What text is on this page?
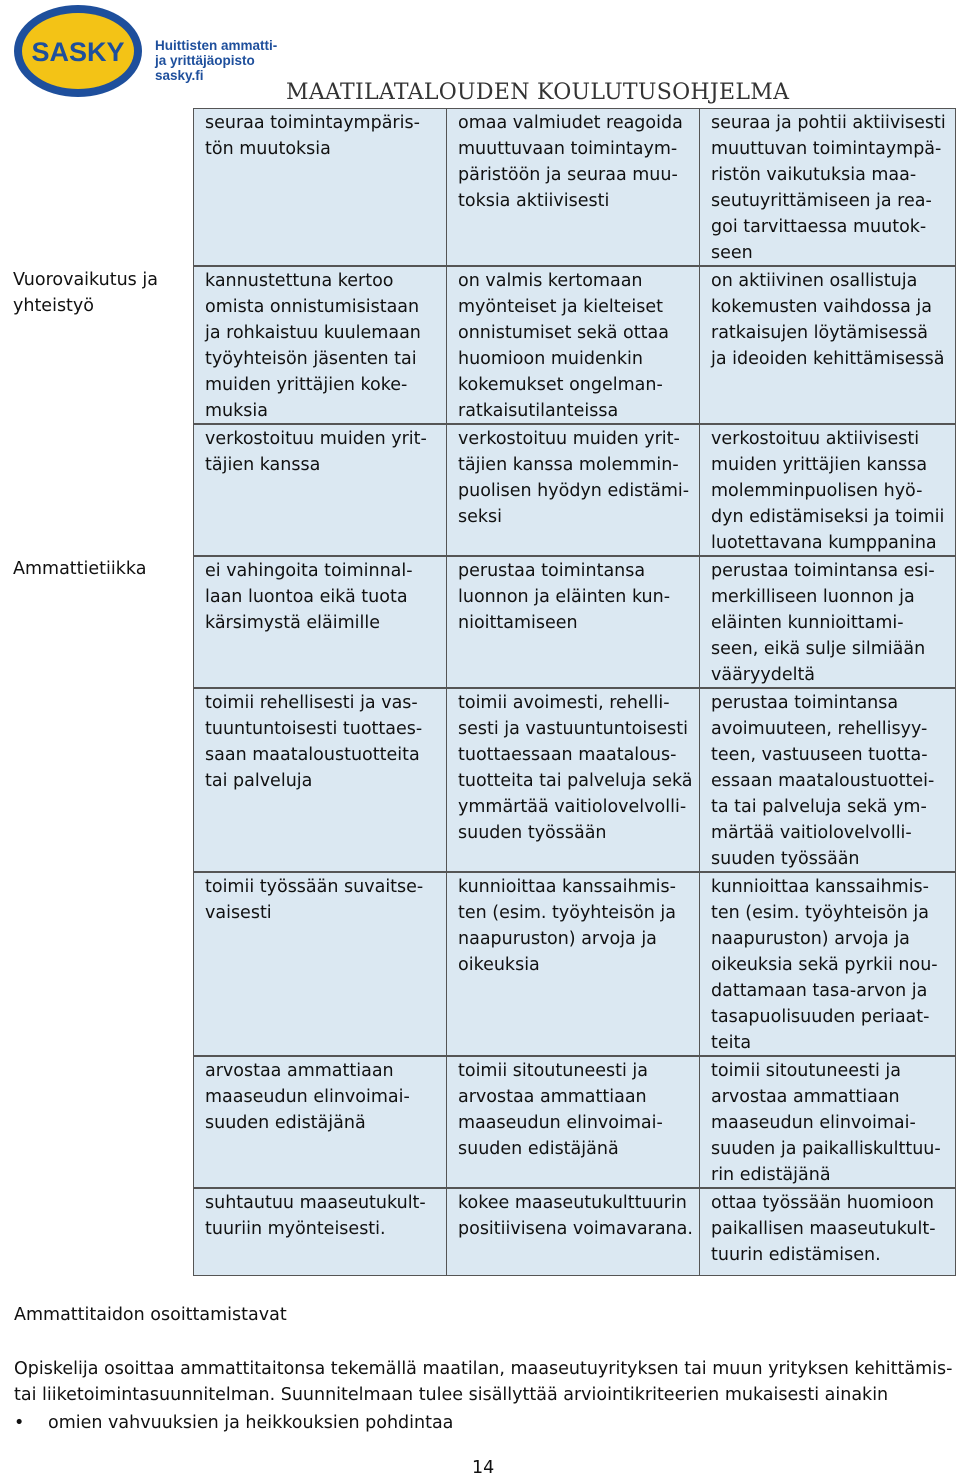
SASKY Huittisten ammatti-
ja yrittäjäopisto
sasky.fi
MAATILATALOUDEN KOULUTUSOHJELMA
seuraa toimintaympäris-
tön muutoksia
omaa valmiudet reagoida
muuttuvaan toimintaym-
päristöön ja seuraa muu-
toksia aktiivisesti
seuraa ja pohtii aktiivisesti
muuttuvan toimintaympä-
ristön vaikutuksia maa-
seutuyrittämiseen ja rea-
goi tarvittaessa muutok-
seen
Vuorovaikutus ja
yhteistyö
kannustettuna kertoo
omista onnistumisistaan
ja rohkaistuu kuulemaan
työyhteisön jäsenten tai
muiden yrittäjien koke-
muksia
on valmis kertomaan
myönteiset ja kielteiset
onnistumiset sekä ottaa
huomioon muidenkin
kokemukset ongelman-
ratkaisutilanteissa
on aktiivinen osallistuja
kokemusten vaihdossa ja
ratkaisujen löytämisessä
ja ideoiden kehittämisessä
verkostoituu muiden yrit-
täjien kanssa
verkostoituu muiden yrit-
täjien kanssa molemmin-
puolisen hyödyn edistämi-
seksi
verkostoituu aktiivisesti
muiden yrittäjien kanssa
molemminpuolisen hyö-
dyn edistämiseksi ja toimii
luotettavana kumppanina
Ammattietiikka	ei vahingoita toiminnal-
laan luontoa eikä tuota
kärsimystä eläimille
perustaa toimintansa
luonnon ja eläinten kun-
nioittamiseen
perustaa toimintansa esi-
merkilliseen luonnon ja
eläinten kunnioittami-
seen, eikä sulje silmiään
vääryydeltä
toimii rehellisesti ja vas-
tuuntuntoisesti tuottaes-
saan maataloustuotteita
tai palveluja
toimii avoimesti, rehelli-
sesti ja vastuuntuntoisesti
tuottaessaan maatalous-
tuotteita tai palveluja sekä
ymmärtää vaitiolovelvolli-
suuden työssään
perustaa toimintansa
avoimuuteen, rehellisyy-
teen, vastuuseen tuotta-
essaan maataloustuottei-
ta tai palveluja sekä ym-
märtää vaitiolovelvolli-
suuden työssään
toimii työssään suvaitse-
vaisesti
kunnioittaa kanssaihmis-
ten (esim. työyhteisön ja
naapuruston) arvoja ja
oikeuksia
kunnioittaa kanssaihmis-
ten (esim. työyhteisön ja
naapuruston) arvoja ja
oikeuksia sekä pyrkii nou-
dattamaan tasa-arvon ja
tasapuolisuuden periaat-
teita
arvostaa ammattiaan
maaseudun elinvoimai-
suuden edistäjänä
toimii sitoutuneesti ja
arvostaa ammattiaan
maaseudun elinvoimai-
suuden edistäjänä
toimii sitoutuneesti ja
arvostaa ammattiaan
maaseudun elinvoimai-
suuden ja paikalliskulttuu-
rin edistäjänä
suhtautuu maaseutukult-
tuuriin myönteisesti.
kokee maaseutukulttuurin
positiivisena voimavarana.
ottaa työssään huomioon
paikallisen maaseutukult-
tuurin edistämisen.
Ammattitaidon osoittamistavat
Opiskelija osoittaa ammattitaitonsa tekemällä maatilan, maaseutuyrityksen tai muun yrityksen kehittämis-
tai liiketoimintasuunnitelman. Suunnitelmaan tulee sisällyttää arviointikriteerien mukaisesti ainakin
• omien vahvuuksien ja heikkouksien pohdintaa
14
